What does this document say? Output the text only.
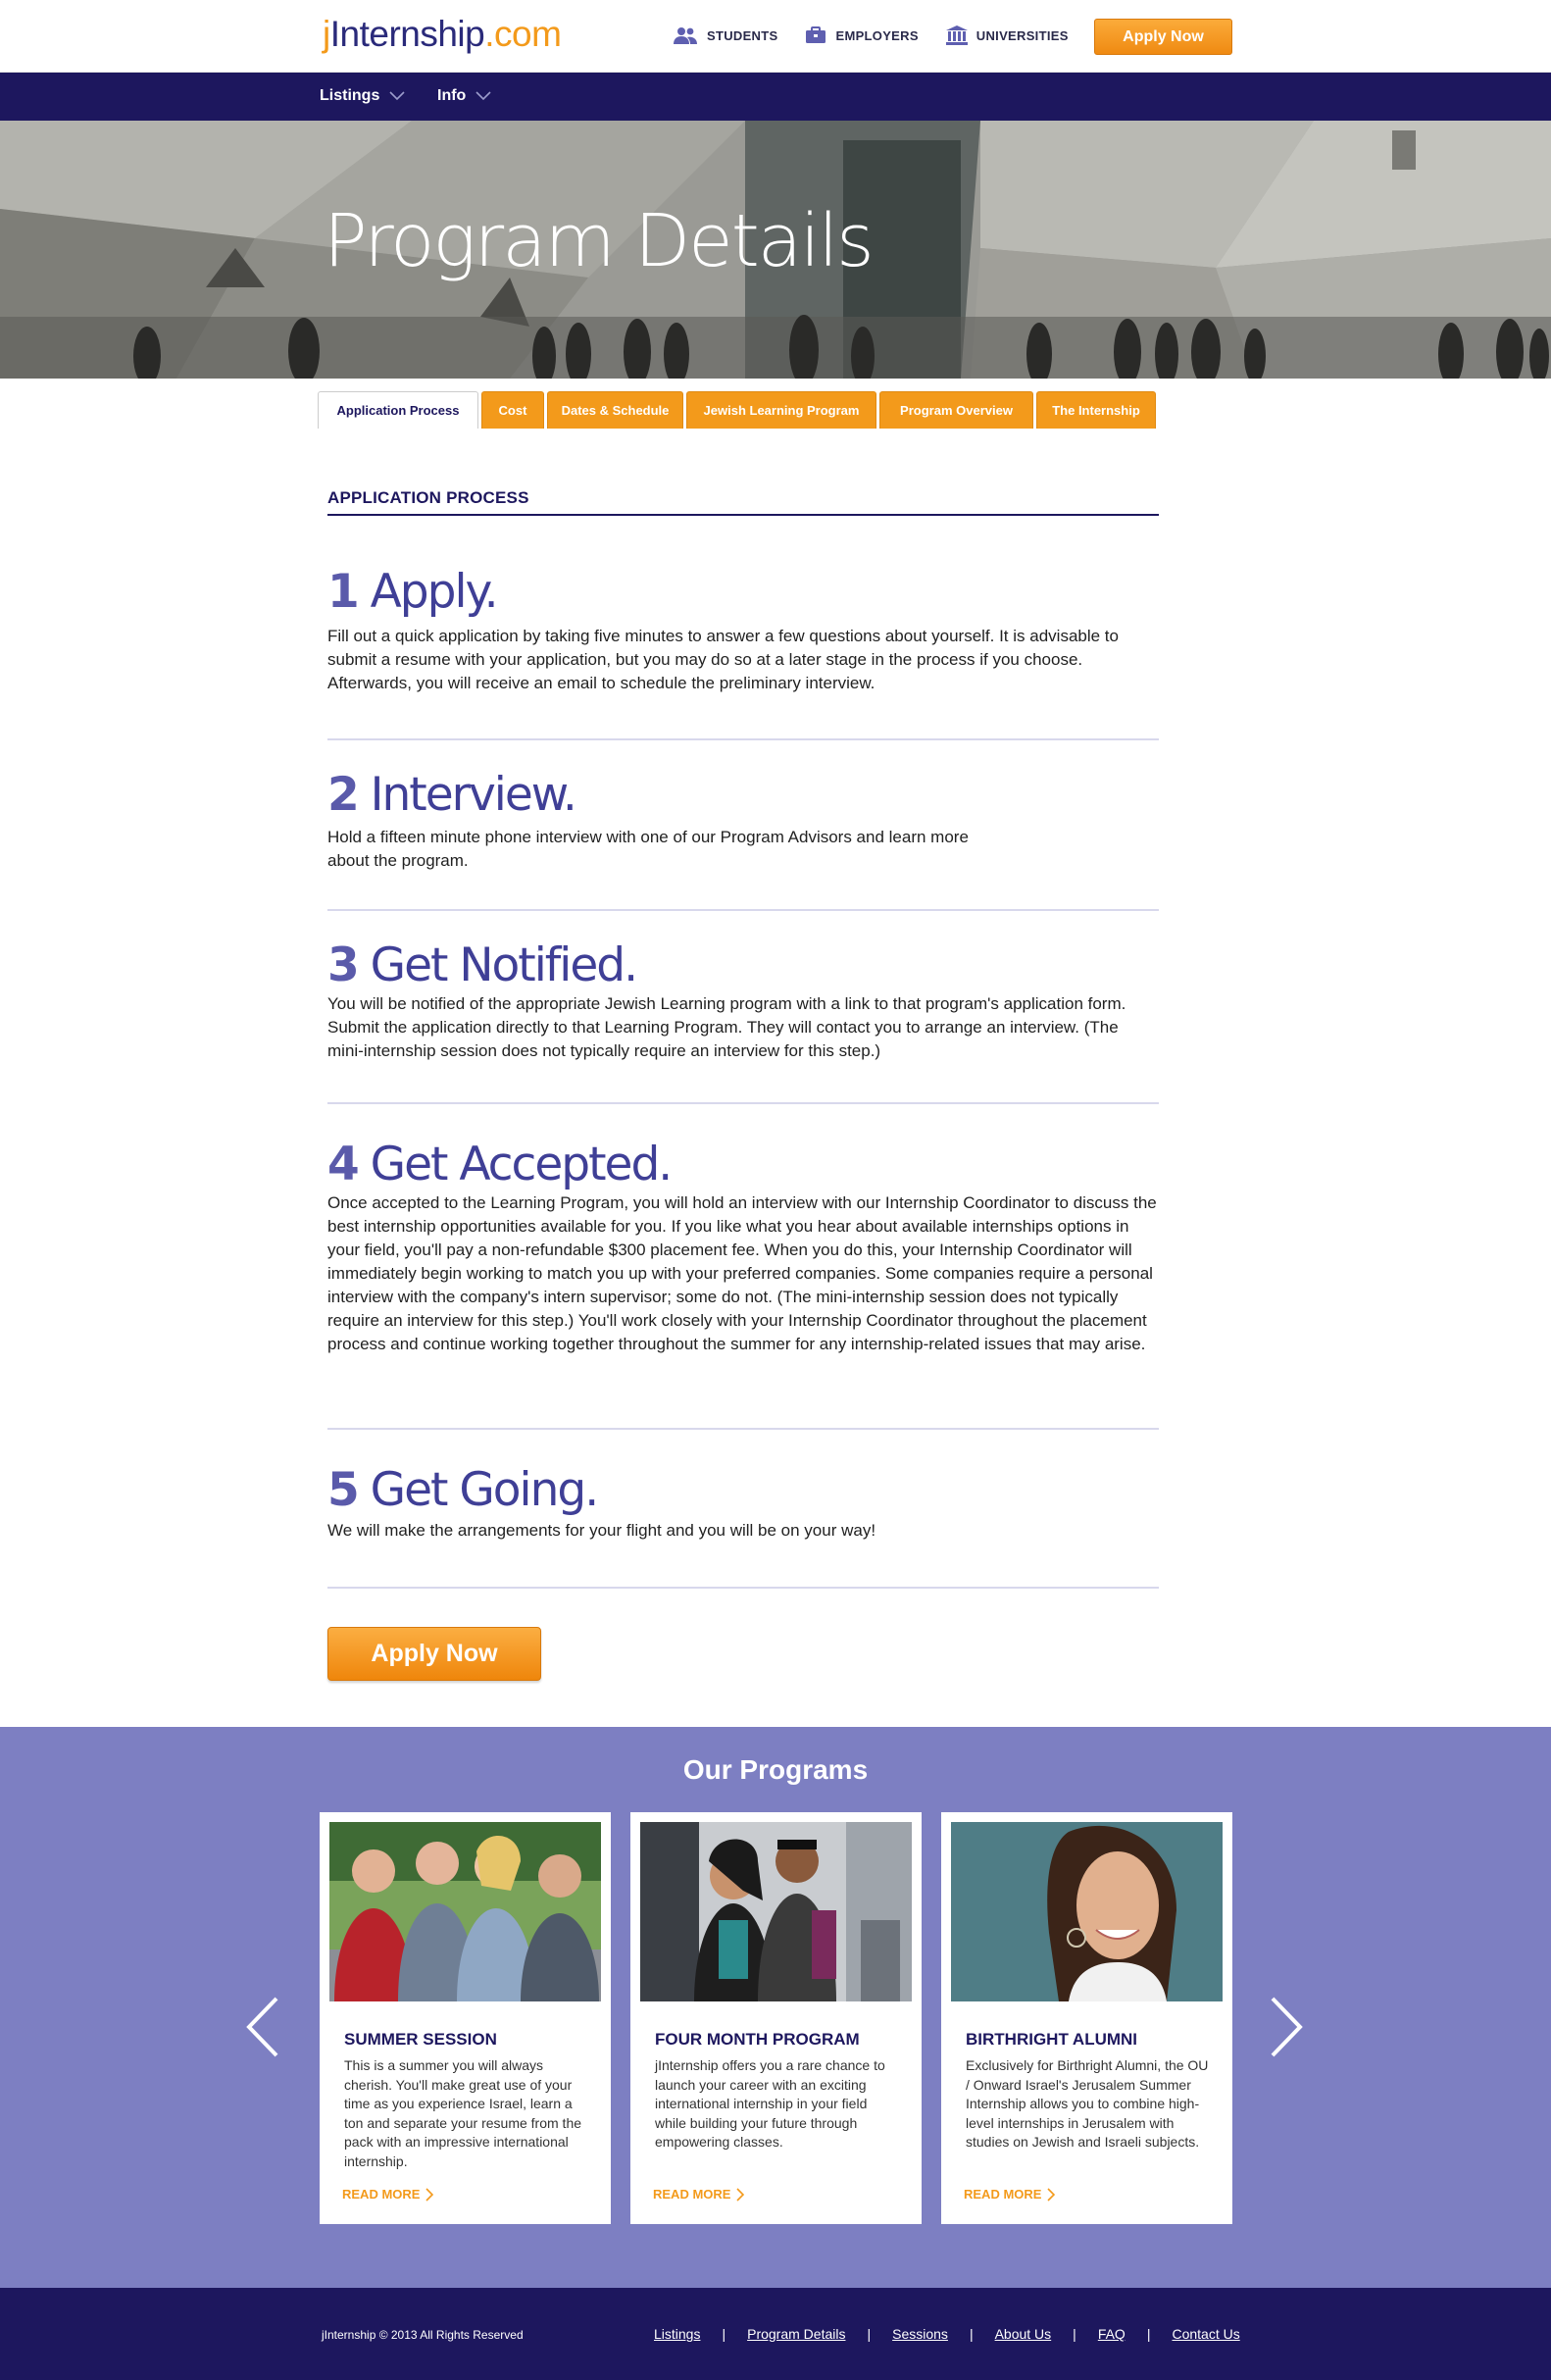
jInternship.com	STUDENTS	EMPLOYERS	UNIVERSITIES	Apply Now
Listings	Info
Program Details
Application Process	Cost	Dates & Schedule	Jewish Learning Program	Program Overview	The Internship
APPLICATION PROCESS
1 Apply.

Fill out a quick application by taking five minutes to answer a few questions about yourself. It is advisable to submit a resume with your application, but you may do so at a later stage in the process if you choose. Afterwards, you will receive an email to schedule the preliminary interview.

2 Interview.

Hold a fifteen minute phone interview with one of our Program Advisors and learn more about the program.

3 Get Notified.

You will be notified of the appropriate Jewish Learning program with a link to that program's application form. Submit the application directly to that Learning Program. They will contact you to arrange an interview. (The mini-internship session does not typically require an interview for this step.)

4 Get Accepted.

Once accepted to the Learning Program, you will hold an interview with our Internship Coordinator to discuss the best internship opportunities available for you. If you like what you hear about available internships options in your field, you'll pay a non-refundable $300 placement fee. When you do this, your Internship Coordinator will immediately begin working to match you up with your preferred companies. Some companies require a personal interview with the company's intern supervisor; some do not. (The mini-internship session does not typically require an interview for this step.) You'll work closely with your Internship Coordinator throughout the placement process and continue working together throughout the summer for any internship-related issues that may arise.

5 Get Going.

We will make the arrangements for your flight and you will be on your way!

Apply Now
Our Programs
SUMMER SESSION
This is a summer you will always cherish. You'll make great use of your time as you experience Israel, learn a ton and separate your resume from the pack with an impressive international internship.
READ MORE
FOUR MONTH PROGRAM
jInternship offers you a rare chance to launch your career with an exciting international internship in your field while building your future through empowering classes.
READ MORE
BIRTHRIGHT ALUMNI
Exclusively for Birthright Alumni, the OU / Onward Israel's Jerusalem Summer Internship allows you to combine high-level internships in Jerusalem with studies on Jewish and Israeli subjects.
READ MORE
jInternship © 2013 All Rights Reserved	Listings | Program Details | Sessions | About Us | FAQ | Contact Us
